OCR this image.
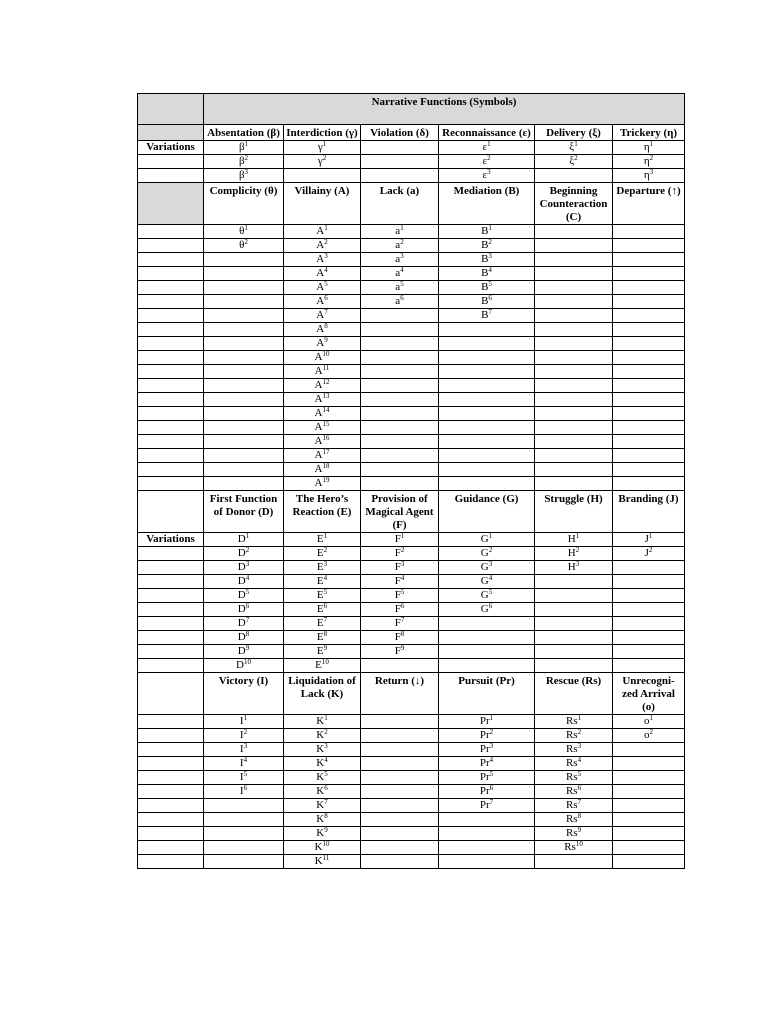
	Narrative Functions (Symbols)					
	Absentation (β)	Interdiction (γ)	Violation (δ)	Reconnaissance (ε)	Delivery (ξ)	Trickery (η)
Variations	$\beta^1$	$\gamma^1$		$\varepsilon^1$	$\xi^1$	$\eta^1$
	$\beta^2$	$\gamma^2$		$\varepsilon^2$	$\xi^2$	$\eta^2$
	$\beta^3$			$\varepsilon^3$		$\eta^3$
	Complicity (θ)	Villainy (A)	Lack (a)	Mediation (B)	Beginning Counteraction (C)	Departure (↑)
	$\theta^1$	$A^1$	$a^1$	$B^1$		
	$\theta^2$	$A^2$	$a^2$	$B^2$		
		$A^3$	$a^3$	$B^3$		
		$A^4$	$a^4$	$B^4$		
		$A^5$	$a^5$	$B^5$		
		$A^6$	$a^6$	$B^6$		
		$A^7$		$B^7$		
		$A^8$				
		$A^9$				
		$A^{10}$				
		$A^{11}$				
		$A^{12}$				
		$A^{13}$				
		$A^{14}$				
		$A^{15}$				
		$A^{16}$				
		$A^{17}$				
		$A^{18}$				
		$A^{19}$				
	First Function of Donor (D)	The Hero’s Reaction (E)	Provision of Magical Agent (F)	Guidance (G)	Struggle (H)	Branding (J)
Variations	$D^1$	$E^1$	$F^1$	$G^1$	$H^1$	$J^1$
	$D^2$	$E^2$	$F^2$	$G^2$	$H^2$	$J^2$
	$D^3$	$E^3$	$F^3$	$G^3$	$H^3$	
	$D^4$	$E^4$	$F^4$	$G^4$		
	$D^5$	$E^5$	$F^5$	$G^5$		
	$D^6$	$E^6$	$F^6$	$G^6$		
	$D^7$	$E^7$	$F^7$			
	$D^8$	$E^8$	$F^8$			
	$D^9$	$E^9$	$F^9$			
	$D^{10}$	$E^{10}$				
	Victory (I)	Liquidation of Lack (K)	Return (↓)	Pursuit (Pr)	Rescue (Rs)	Unrecogni-zed Arrival (o)
	$I^1$	$K^1$		Pr$^1$	Rs$^1$	$o^1$
	$I^2$	$K^2$		Pr$^2$	Rs$^2$	$o^2$
	$I^3$	$K^3$		Pr$^3$	Rs$^3$	
	$I^4$	$K^4$		Pr$^4$	Rs$^4$	
	$I^5$	$K^5$		Pr$^5$	Rs$^5$	
	$I^6$	$K^6$		Pr$^6$	Rs$^6$	
		$K^7$		Pr$^7$	Rs$^7$	
		$K^8$			Rs$^8$	
		$K^9$			Rs$^9$	
		$K^{10}$			Rs$^{10}$	
		$K^{11}$				
